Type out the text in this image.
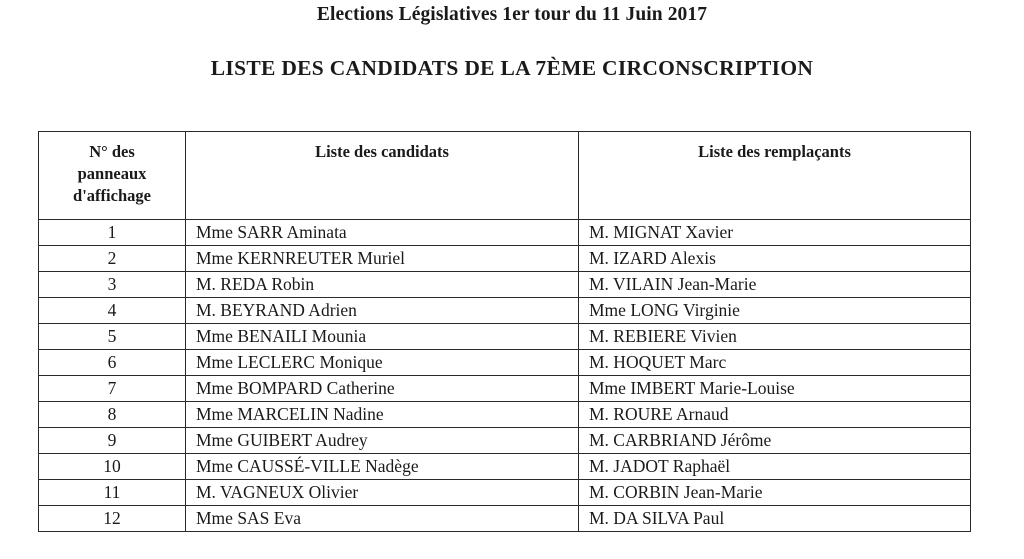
Elections Législatives 1er tour du 11 Juin 2017
LISTE DES CANDIDATS DE LA 7ÈME CIRCONSCRIPTION
N° des
panneaux
d'affichage	Liste des candidats	Liste des remplaçants
1	Mme SARR Aminata	M. MIGNAT Xavier
2	Mme KERNREUTER Muriel	M. IZARD Alexis
3	M. REDA Robin	M. VILAIN Jean-Marie
4	M. BEYRAND Adrien	Mme LONG Virginie
5	Mme BENAILI Mounia	M. REBIERE Vivien
6	Mme LECLERC Monique	M. HOQUET Marc
7	Mme BOMPARD Catherine	Mme IMBERT Marie-Louise
8	Mme MARCELIN Nadine	M. ROURE Arnaud
9	Mme GUIBERT Audrey	M. CARBRIAND Jérôme
10	Mme CAUSSÉ-VILLE Nadège	M. JADOT Raphaël
11	M. VAGNEUX Olivier	M. CORBIN Jean-Marie
12	Mme SAS Eva	M. DA SILVA Paul
